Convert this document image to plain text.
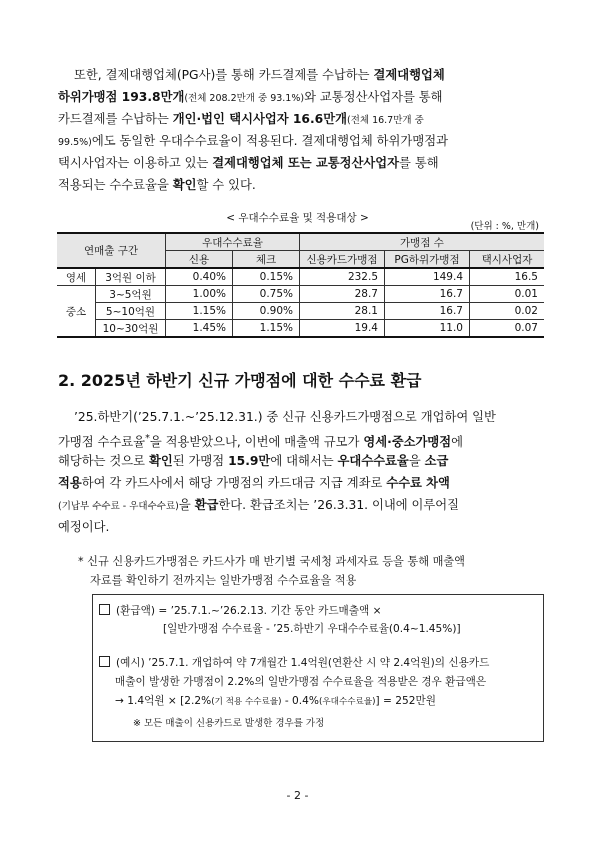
또한, 결제대행업체(PG사)를 통해 카드결제를 수납하는 결제대행업체
하위가맹점 193.8만개(전체 208.2만개 중 93.1%)와 교통정산사업자를 통해
카드결제를 수납하는 개인·법인 택시사업자 16.6만개(전체 16.7만개 중
99.5%)에도 동일한 우대수수료율이 적용된다. 결제대행업체 하위가맹점과
택시사업자는 이용하고 있는 결제대행업체 또는 교통정산사업자를 통해
적용되는 수수료율을 확인할 수 있다.
< 우대수수료율 및 적용대상 >
(단위 : %, 만개)
연매출 구간		우대수수료율		가맹점 수		
		신용	체크	신용카드가맹점	PG하위가맹점	택시사업자
영세	3억원 이하	0.40%	0.15%	232.5	149.4	16.5
중소	3~5억원	1.00%	0.75%	28.7	16.7	0.01
	5~10억원	1.15%	0.90%	28.1	16.7	0.02
	10~30억원	1.45%	1.15%	19.4	11.0	0.07
2. 2025년 하반기 신규 가맹점에 대한 수수료 환급
’25.하반기(’25.7.1.~’25.12.31.) 중 신규 신용카드가맹점으로 개업하여 일반
가맹점 수수료율*을 적용받았으나, 이번에 매출액 규모가 영세·중소가맹점에
해당하는 것으로 확인된 가맹점 15.9만에 대해서는 우대수수료율을 소급
적용하여 각 카드사에서 해당 가맹점의 카드대금 지급 계좌로 수수료 차액
(기납부 수수료 - 우대수수료)을 환급한다. 환급조치는 ’26.3.31. 이내에 이루어질
예정이다.
* 신규 신용카드가맹점은 카드사가 매 반기별 국세청 과세자료 등을 통해 매출액
자료를 확인하기 전까지는 일반가맹점 수수료율을 적용
(환급액) = ’25.7.1.~’26.2.13. 기간 동안 카드매출액 ×
[일반가맹점 수수료율 - ’25.하반기 우대수수료율(0.4~1.45%)]
(예시) ’25.7.1. 개업하여 약 7개월간 1.4억원(연환산 시 약 2.4억원)의 신용카드
매출이 발생한 가맹점이 2.2%의 일반가맹점 수수료율을 적용받은 경우 환급액은
→ 1.4억원 × [2.2%(기 적용 수수료율) - 0.4%(우대수수료율)] = 252만원
※ 모든 매출이 신용카드로 발생한 경우를 가정
- 2 -
